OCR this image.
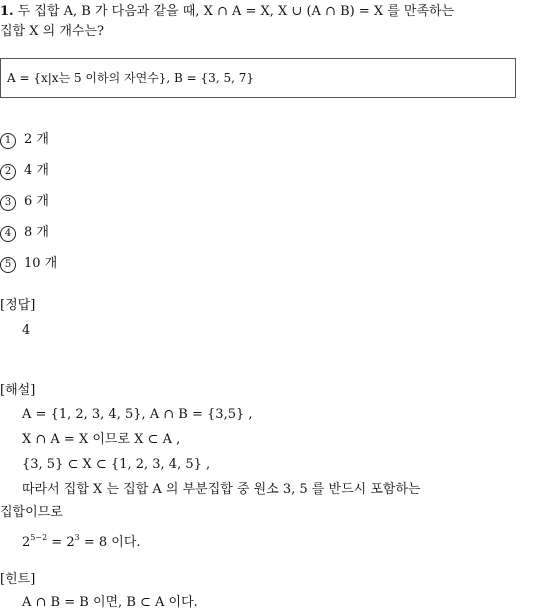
1. 두 집합 A, B 가 다음과 같을 때, X ∩ A = X, X ∪ (A ∩ B) = X 를 만족하는
집합 X 의 개수는?
A = {x|x는 5 이하의 자연수}, B = {3, 5, 7}
1 2 개
2 4 개
3 6 개
4 8 개
5 10 개
[정답]
4
[해설]
A = {1, 2, 3, 4, 5}, A ∩ B = {3,5} ,
X ∩ A = X 이므로 X ⊂ A ,
{3, 5} ⊂ X ⊂ {1, 2, 3, 4, 5} ,
따라서 집합 X 는 집합 A 의 부분집합 중 원소 3, 5 를 반드시 포함하는
집합이므로
$2^{5-2} = 2^3 = 8$ 이다.
[힌트]
A ∩ B = B 이면, B ⊂ A 이다.
